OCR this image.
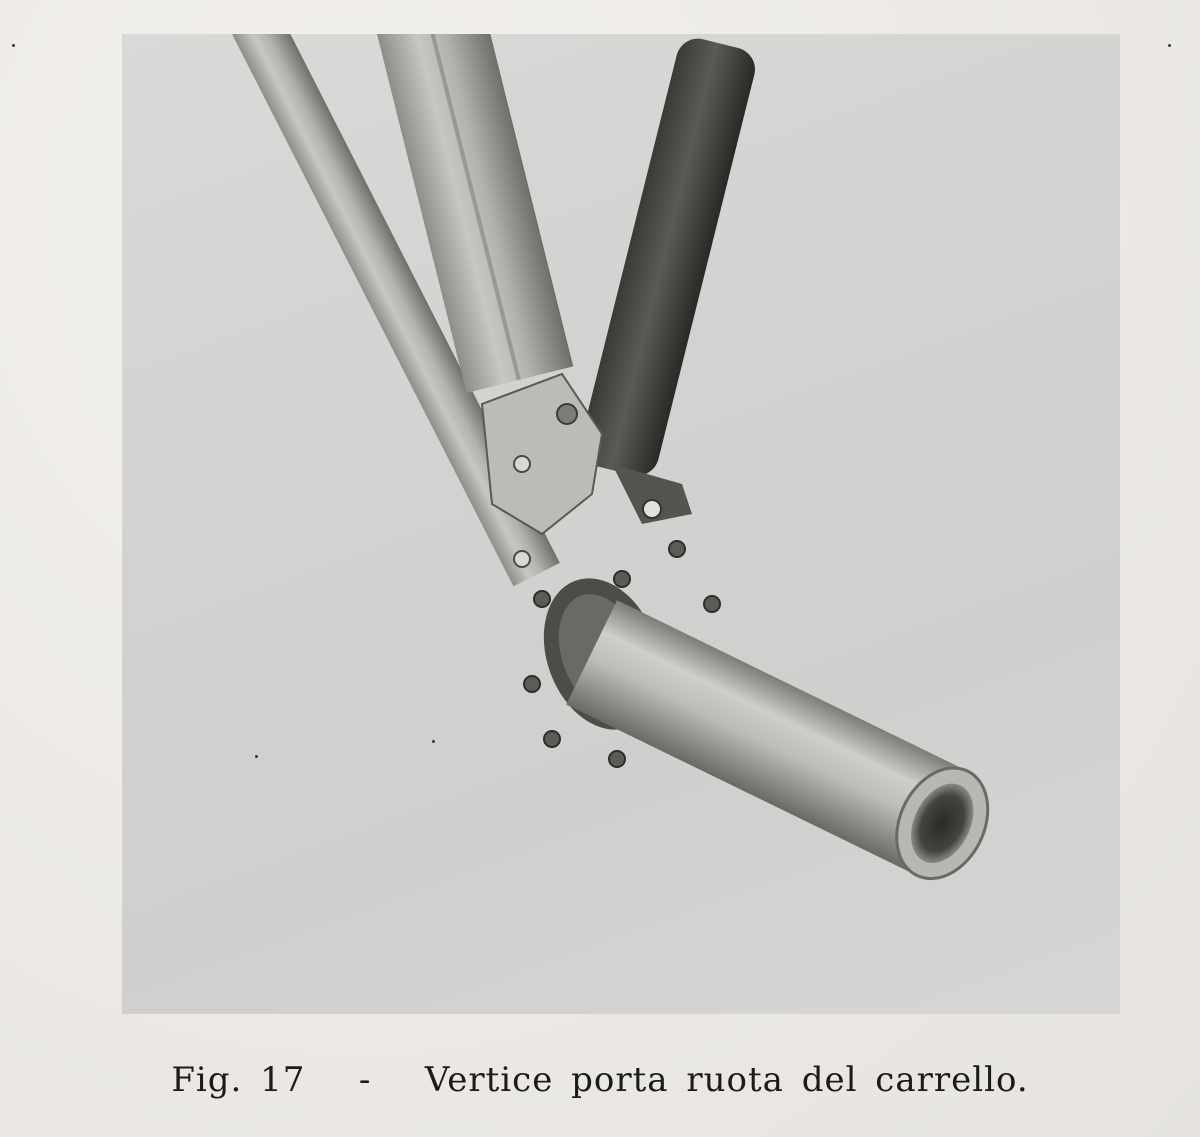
Fig. 17 - Vertice porta ruota del carrello.
